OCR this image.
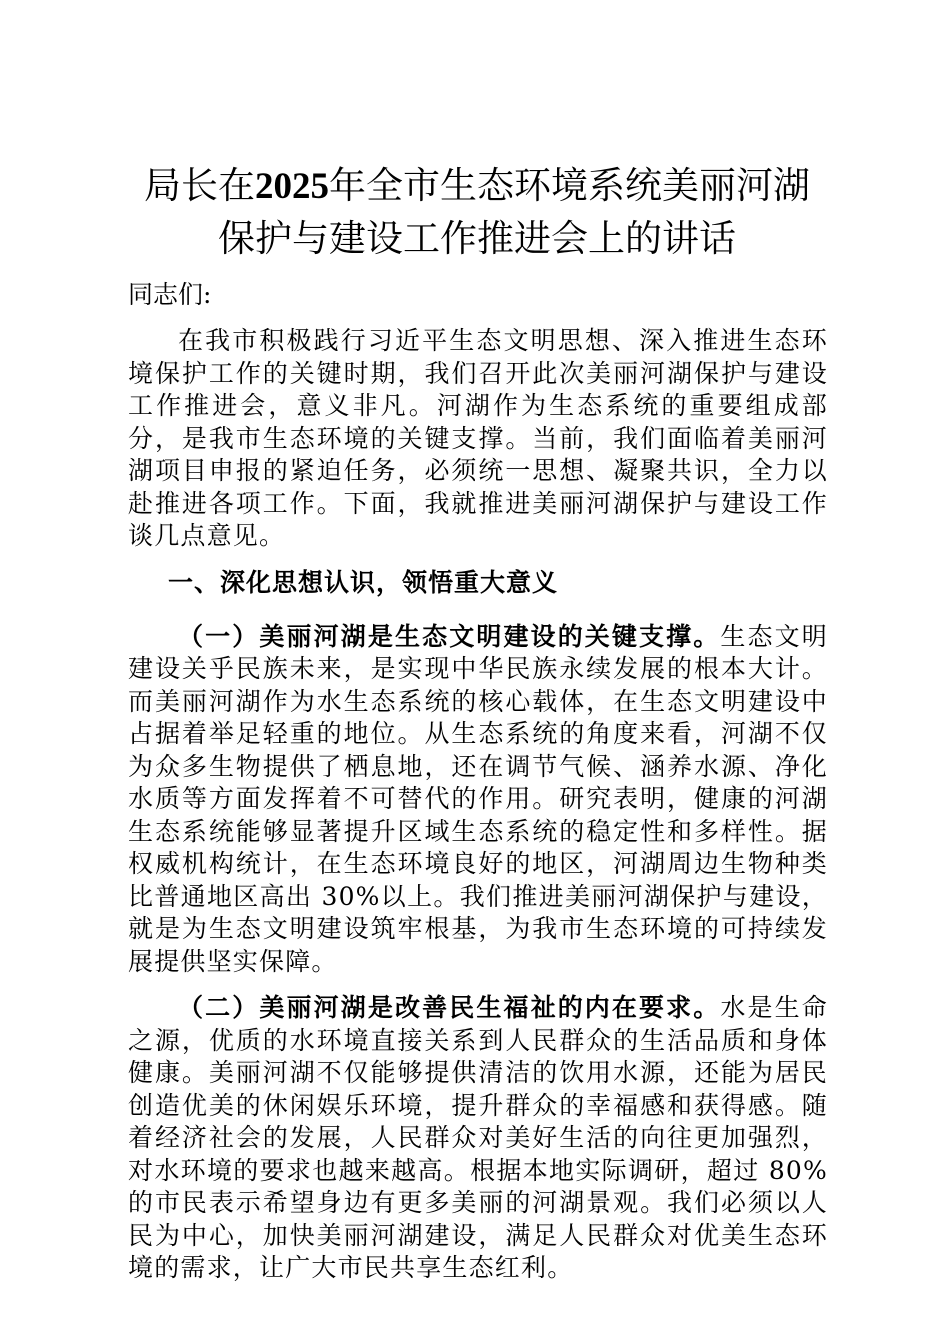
局长在2025年全市生态环境系统美丽河湖保护与建设工作推进会上的讲话
同志们:

在我市积极践行习近平生态文明思想、深入推进生态环境保护工作的关键时期，我们召开此次美丽河湖保护与建设工作推进会，意义非凡。河湖作为生态系统的重要组成部分，是我市生态环境的关键支撑。当前，我们面临着美丽河湖项目申报的紧迫任务，必须统一思想、凝聚共识，全力以赴推进各项工作。下面，我就推进美丽河湖保护与建设工作谈几点意见。

一、深化思想认识，领悟重大意义

（一）美丽河湖是生态文明建设的关键支撑。生态文明建设关乎民族未来，是实现中华民族永续发展的根本大计。而美丽河湖作为水生态系统的核心载体，在生态文明建设中占据着举足轻重的地位。从生态系统的角度来看，河湖不仅为众多生物提供了栖息地，还在调节气候、涵养水源、净化水质等方面发挥着不可替代的作用。研究表明，健康的河湖生态系统能够显著提升区域生态系统的稳定性和多样性。据权威机构统计，在生态环境良好的地区，河湖周边生物种类比普通地区高出 30%以上。我们推进美丽河湖保护与建设，就是为生态文明建设筑牢根基，为我市生态环境的可持续发展提供坚实保障。

（二）美丽河湖是改善民生福祉的内在要求。水是生命之源，优质的水环境直接关系到人民群众的生活品质和身体健康。美丽河湖不仅能够提供清洁的饮用水源，还能为居民创造优美的休闲娱乐环境，提升群众的幸福感和获得感。随着经济社会的发展，人民群众对美好生活的向往更加强烈，对水环境的要求也越来越高。根据本地实际调研，超过 80%的市民表示希望身边有更多美丽的河湖景观。我们必须以人民为中心，加快美丽河湖建设，满足人民群众对优美生态环境的需求，让广大市民共享生态红利。
